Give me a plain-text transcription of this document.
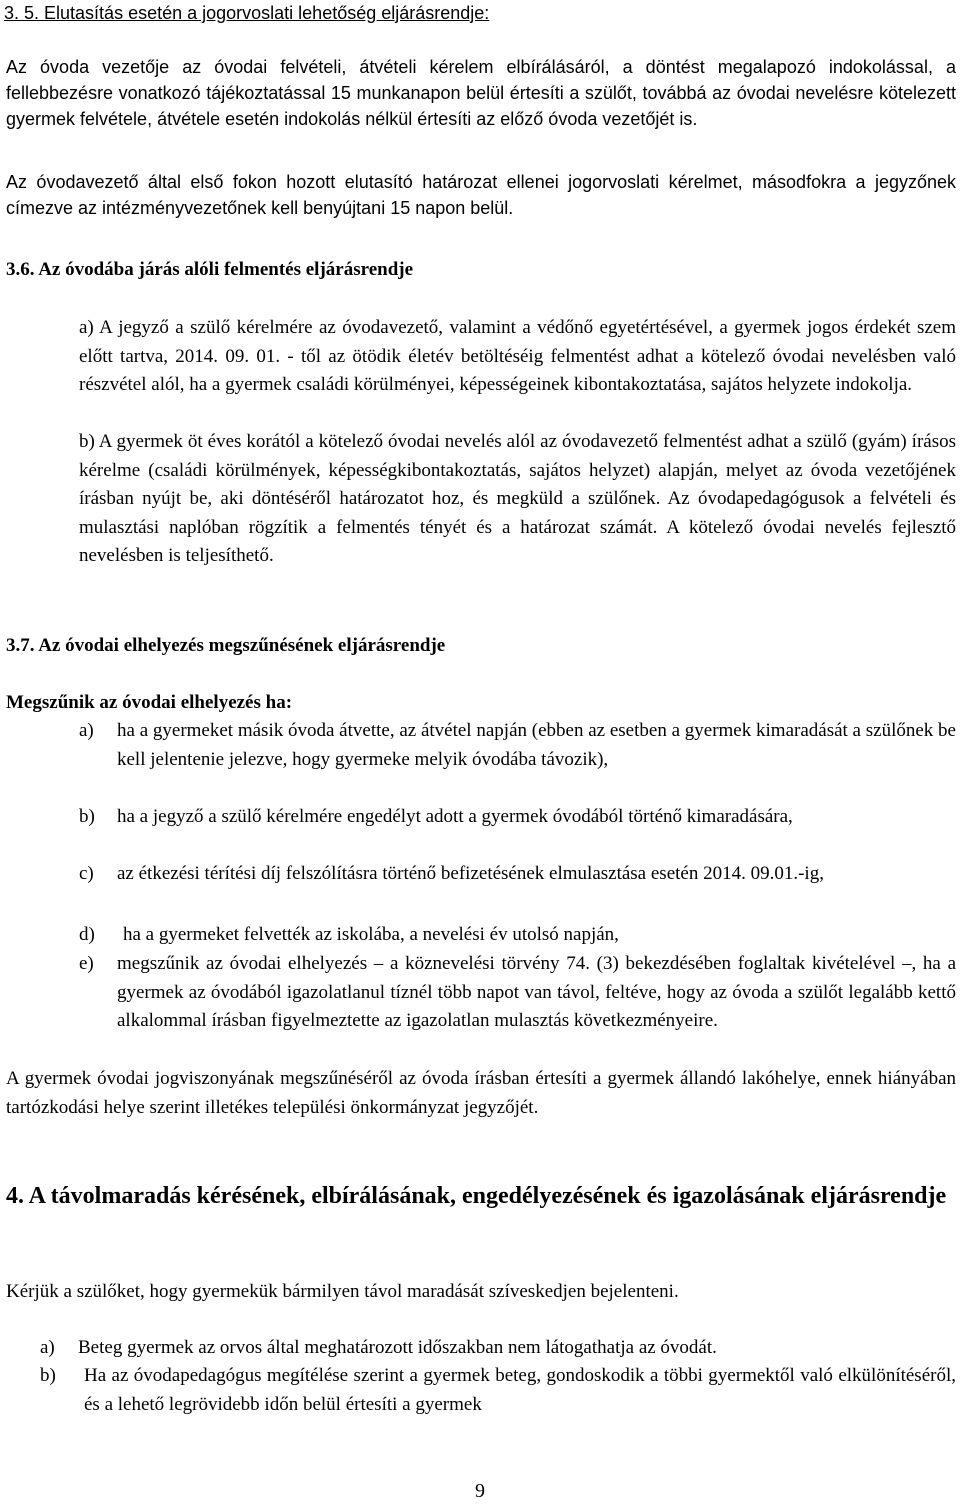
3. 5. Elutasítás esetén a jogorvoslati lehetőség eljárásrendje:
Az óvoda vezetője az óvodai felvételi, átvételi kérelem elbírálásáról, a döntést megalapozó indokolással, a fellebbezésre vonatkozó tájékoztatással 15 munkanapon belül értesíti a szülőt, továbbá az óvodai nevelésre kötelezett gyermek felvétele, átvétele esetén indokolás nélkül értesíti az előző óvoda vezetőjét is.
Az óvodavezető által első fokon hozott elutasító határozat ellenei jogorvoslati kérelmet, másodfokra a jegyzőnek címezve az intézményvezetőnek kell benyújtani 15 napon belül.
3.6. Az óvodába járás alóli felmentés eljárásrendje
a) A jegyző a szülő kérelmére az óvodavezető, valamint a védőnő egyetértésével, a gyermek jogos érdekét szem előtt tartva, 2014. 09. 01. - től az ötödik életév betöltéséig felmentést adhat a kötelező óvodai nevelésben való részvétel alól, ha a gyermek családi körülményei, képességeinek kibontakoztatása, sajátos helyzete indokolja.
b) A gyermek öt éves korától a kötelező óvodai nevelés alól az óvodavezető felmentést adhat a szülő (gyám) írásos kérelme (családi körülmények, képességkibontakoztatás, sajátos helyzet) alapján, melyet az óvoda vezetőjének írásban nyújt be, aki döntéséről határozatot hoz, és megküld a szülőnek. Az óvodapedagógusok a felvételi és mulasztási naplóban rögzítik a felmentés tényét és a határozat számát. A kötelező óvodai nevelés fejlesztő nevelésben is teljesíthető.
3.7. Az óvodai elhelyezés megszűnésének eljárásrendje
Megszűnik az óvodai elhelyezés ha:
a)	ha a gyermeket másik óvoda átvette, az átvétel napján (ebben az esetben a gyermek kimaradását a szülőnek be kell jelentenie jelezve, hogy gyermeke melyik óvodába távozik),
b)	ha a jegyző a szülő kérelmére engedélyt adott a gyermek óvodából történő kimaradására,
c)	az étkezési térítési díj felszólításra történő befizetésének elmulasztása esetén 2014. 09.01.-ig,
d)	ha a gyermeket felvették az iskolába, a nevelési év utolsó napján,
e)	megszűnik az óvodai elhelyezés – a köznevelési törvény 74. (3) bekezdésében foglaltak kivételével –, ha a gyermek az óvodából igazolatlanul tíznél több napot van távol, feltéve, hogy az óvoda a szülőt legalább kettő alkalommal írásban figyelmeztette az igazolatlan mulasztás következményeire.
A gyermek óvodai jogviszonyának megszűnéséről az óvoda írásban értesíti a gyermek állandó lakóhelye, ennek hiányában tartózkodási helye szerint illetékes települési önkormányzat jegyzőjét.
4. A távolmaradás kérésének, elbírálásának, engedélyezésének és igazolásának eljárásrendje
Kérjük a szülőket, hogy gyermekük bármilyen távol maradását szíveskedjen bejelenteni.
a)	Beteg gyermek az orvos által meghatározott időszakban nem látogathatja az óvodát.
b)	Ha az óvodapedagógus megítélése szerint a gyermek beteg, gondoskodik a többi gyermektől való elkülönítéséről, és a lehető legrövidebb időn belül értesíti a gyermek
9
